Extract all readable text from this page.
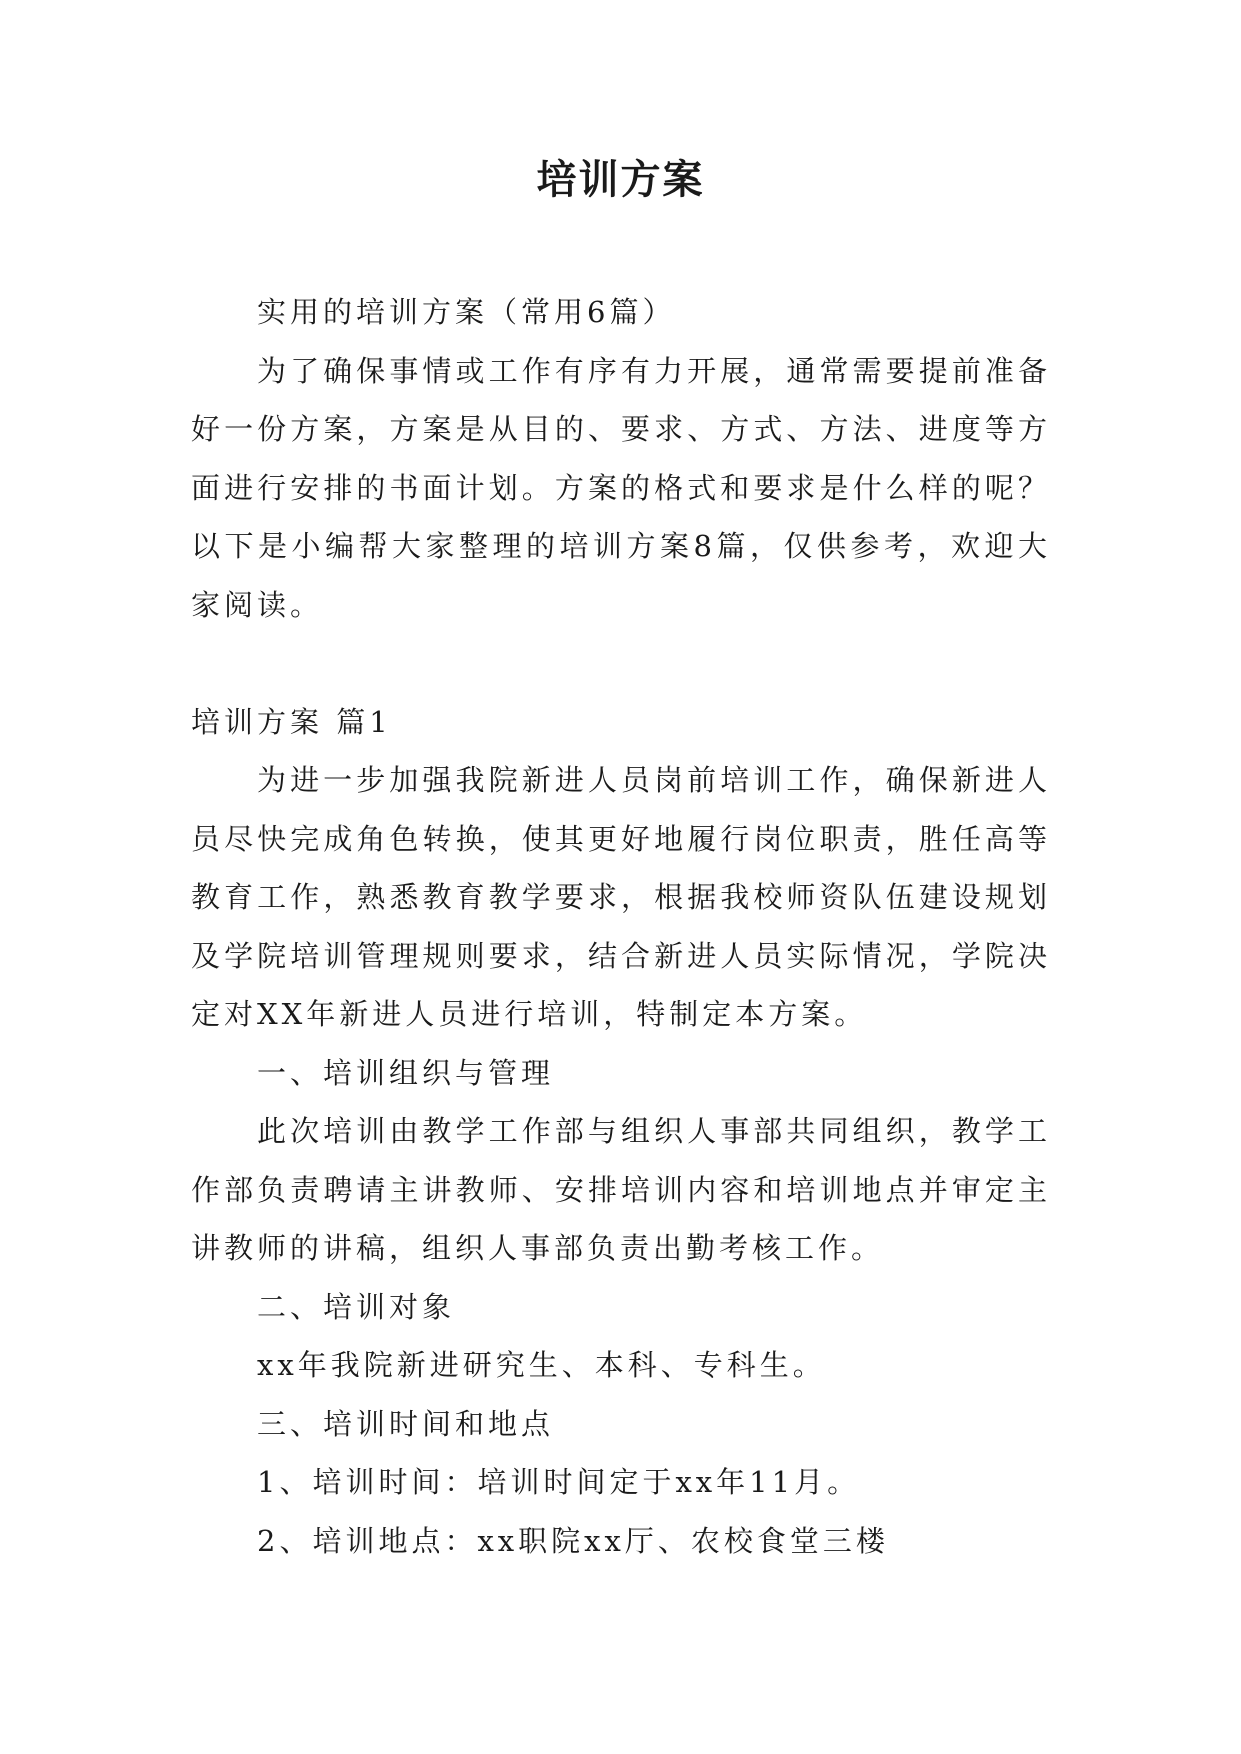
培训方案

实用的培训方案（常用6篇）

为了确保事情或工作有序有力开展，通常需要提前准备好一份方案，方案是从目的、要求、方式、方法、进度等方面进行安排的书面计划。方案的格式和要求是什么样的呢？以下是小编帮大家整理的培训方案8篇，仅供参考，欢迎大家阅读。

培训方案 篇1

为进一步加强我院新进人员岗前培训工作，确保新进人员尽快完成角色转换，使其更好地履行岗位职责，胜任高等教育工作，熟悉教育教学要求，根据我校师资队伍建设规划及学院培训管理规则要求，结合新进人员实际情况，学院决定对XX年新进人员进行培训，特制定本方案。

一、培训组织与管理

此次培训由教学工作部与组织人事部共同组织，教学工作部负责聘请主讲教师、安排培训内容和培训地点并审定主讲教师的讲稿，组织人事部负责出勤考核工作。

二、培训对象

xx年我院新进研究生、本科、专科生。

三、培训时间和地点

1、培训时间：培训时间定于xx年11月。

2、培训地点：xx职院xx厅、农校食堂三楼
